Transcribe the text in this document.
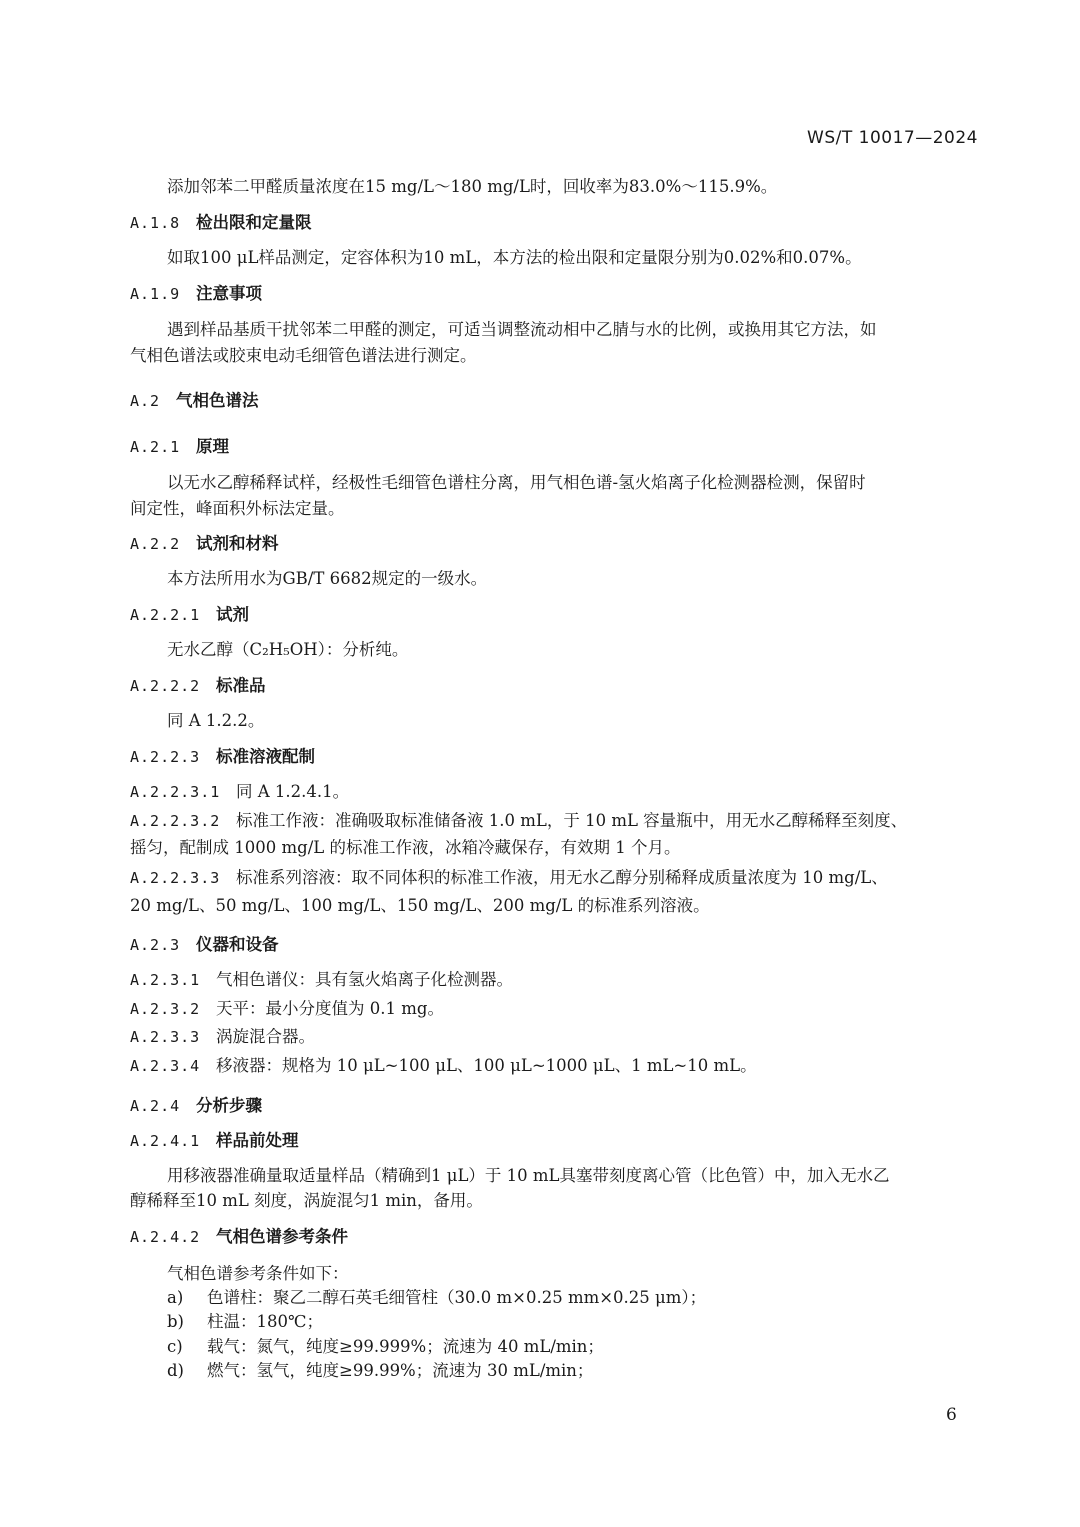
WS/T 10017—2024
添加邻苯二甲醛质量浓度在15 mg/L～180 mg/L时，回收率为83.0%～115.9%。
A.1.8 检出限和定量限
如取100 μL样品测定，定容体积为10 mL，本方法的检出限和定量限分别为0.02%和0.07%。
A.1.9 注意事项
遇到样品基质干扰邻苯二甲醛的测定，可适当调整流动相中乙腈与水的比例，或换用其它方法，如
气相色谱法或胶束电动毛细管色谱法进行测定。
A.2 气相色谱法
A.2.1 原理
以无水乙醇稀释试样，经极性毛细管色谱柱分离，用气相色谱-氢火焰离子化检测器检测，保留时
间定性，峰面积外标法定量。
A.2.2 试剂和材料
本方法所用水为GB/T 6682规定的一级水。
A.2.2.1 试剂
无水乙醇（C₂H₅OH）：分析纯。
A.2.2.2 标准品
同 A 1.2.2。
A.2.2.3 标准溶液配制
A.2.2.3.1 同 A 1.2.4.1。
A.2.2.3.2 标准工作液：准确吸取标准储备液 1.0 mL，于 10 mL 容量瓶中，用无水乙醇稀释至刻度、
摇匀，配制成 1000 mg/L 的标准工作液，冰箱冷藏保存，有效期 1 个月。
A.2.2.3.3 标准系列溶液：取不同体积的标准工作液，用无水乙醇分别稀释成质量浓度为 10 mg/L、
20 mg/L、50 mg/L、100 mg/L、150 mg/L、200 mg/L 的标准系列溶液。
A.2.3 仪器和设备
A.2.3.1 气相色谱仪：具有氢火焰离子化检测器。
A.2.3.2 天平：最小分度值为 0.1 mg。
A.2.3.3 涡旋混合器。
A.2.3.4 移液器：规格为 10 μL~100 μL、100 μL~1000 μL、1 mL~10 mL。
A.2.4 分析步骤
A.2.4.1 样品前处理
用移液器准确量取适量样品（精确到1 μL）于 10 mL具塞带刻度离心管（比色管）中，加入无水乙
醇稀释至10 mL 刻度，涡旋混匀1 min，备用。
A.2.4.2 气相色谱参考条件
气相色谱参考条件如下：
a) 色谱柱：聚乙二醇石英毛细管柱（30.0 m×0.25 mm×0.25 μm）；
b) 柱温：180℃；
c) 载气：氮气，纯度≥99.999%；流速为 40 mL/min；
d) 燃气：氢气，纯度≥99.99%；流速为 30 mL/min；
6
